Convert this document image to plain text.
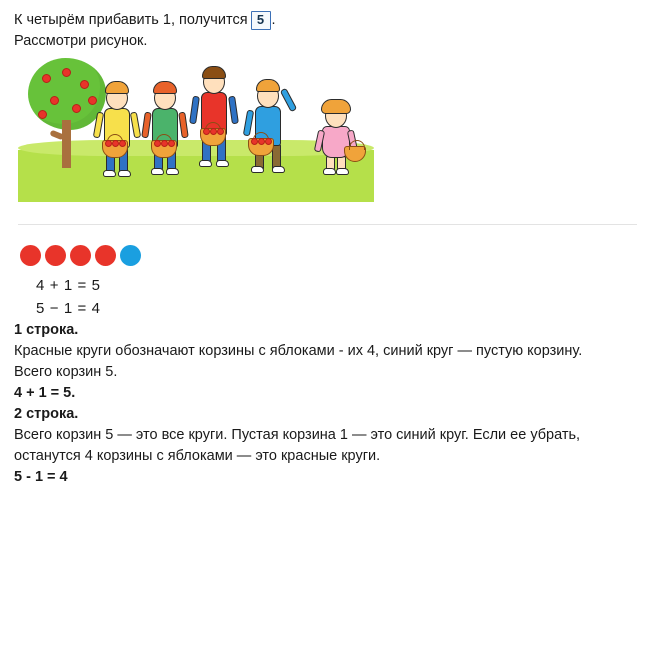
К четырём прибавить 1, получится 5 .

Рассмотри рисунок.

4 + 1 = 5
5 − 1 = 4

1 строка.

Красные круги обозначают корзины с яблоками - их 4, синий круг — пустую корзину.

Всего корзин 5.

4 + 1 = 5.

2 строка.

Всего корзин 5 — это все круги. Пустая корзина 1 — это синий круг. Если ее убрать, останутся 4 корзины с яблоками — это красные круги.

5 - 1 = 4
